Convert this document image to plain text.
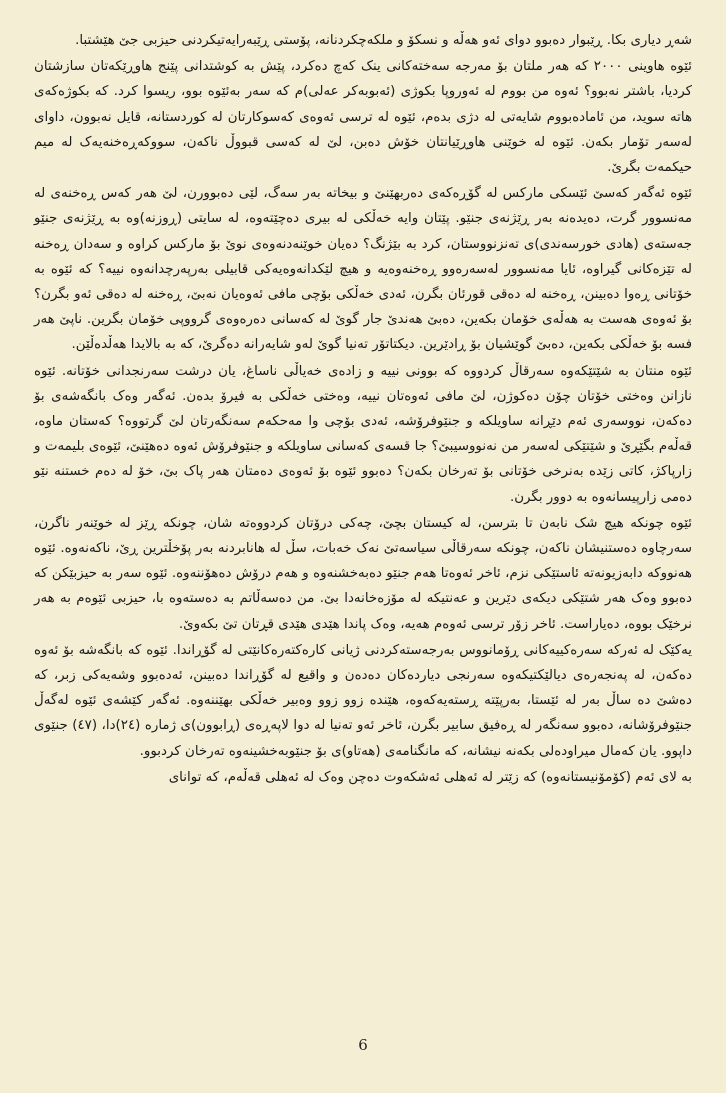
شەڕ دیاری بکا. ڕێبوار دەبوو دوای ئەو هەڵە و نسکۆ و ملکەچکردنانە، پۆستی ڕێبەرایەتیکردنی حیزبی جێ هێشتبا.

ئێوە هاوینی ٢٠٠٠ کە هەر ملتان بۆ مەرجە سەختەکانی ینک کەچ دەکرد، پێش بە کوشتدانی پێنج هاوڕێکەتان سازشتان کردیا، باشتر نەبوو؟ ئەوە من بووم لە ئەوروپا بکوژی (ئەبوبەکر عەلی)م کە سەر بەئێوە بوو، ریسوا کرد. کە بکوژەکەی هاتە سوید، من ئامادەبووم شایەتی لە دژی بدەم، ئێوە لە ترسی ئەوەی کەسوکارتان لە کوردستانە، قایل نەبوون، داوای لەسەر تۆمار بکەن. ئێوە لە خوێنی هاوڕێیانتان خۆش دەبن، لێ لە کەسی قبووڵ ناکەن، سووکەڕەخنەیەک لە میم حیکمەت بگرێ.

ئێوە ئەگەر کەسێ ئێسکی مارکس لە گۆڕەکەی دەربهێنێ و بیخاتە بەر سەگ، لێی دەبوورن، لێ هەر کەس ڕەخنەی لە مەنسوور گرت، دەیدەنە بەر ڕێژنەی جنێو. پێتان وایە خەڵکی لە بیری دەچێتەوە، لە سایتی (ڕوزنە)وە بە ڕێژنەی جنێو جەستەی (هادی خورسەندی)ی تەنزنووستان، کرد بە بێژنگ؟ دەیان خوێنەدنەوەی نوێ بۆ مارکس کراوە و سەدان ڕەخنە لە تێزەکانی گیراوە، ئایا مەنسوور لەسەرەوو ڕەخنەوەیە و هیچ لێکدانەوەیەکی قابیلی بەرپەرچدانەوە نییە؟ کە ئێوە بە خۆتانی ڕەوا دەبینن، ڕەخنە لە دەقی قورئان بگرن، ئەدی خەڵکی بۆچی مافی ئەوەیان نەبێ، ڕەخنە لە دەقی ئەو بگرن؟ بۆ ئەوەی هەست بە هەڵەی خۆمان بکەین، دەبێ هەندێ جار گوێ لە کەسانی دەرەوەی گرووپی خۆمان بگرین. ناپێ هەر فسە بۆ خەڵکی بکەین، دەبێ گوێشیان بۆ ڕادێرین. دیکتاتۆر تەنیا گوێ لەو شایەرانە دەگرێ، کە بە بالایدا هەڵدەڵێن.

ئێوە منتان بە شێتێکەوە سەرقاڵ کردووە کە بوونی نییە و زادەی خەیاڵی ناساغ، یان درشت سەرنجدانی خۆتانە. ئێوە نازانن وەختی خۆتان چۆن دەکوژن، لێ مافی ئەوەتان نییە، وەختی خەڵکی بە فیرۆ بدەن. ئەگەر وەک بانگەشەی بۆ دەکەن، نووسەری ئەم دێڕانە ساویلکە و جنێوفرۆشە، ئەدی بۆچی وا مەحکەم سەنگەرتان لێ گرتووە؟ کەستان ماوە، قەڵەم بگێڕێ و شێتێکی لەسەر من نەنووسیبێ؟ جا قسەی کەسانی ساویلکە و جنێوفرۆش ئەوە دەهێنێ، ئێوەی بلیمەت و زارپاکژ، کاتی زێدە بەنرخی خۆتانی بۆ تەرخان بکەن؟ دەبوو ئێوە بۆ ئەوەی دەمتان هەر پاک بێ، خۆ لە دەم خستنە نێو دەمی زارپیسانەوە بە دوور بگرن.

ئێوە چونکە هیچ شک نابەن تا بترسن، لە کیستان بچێ، چەکی درۆتان کردووەتە شان، چونکە ڕێز لە خوێنەر ناگرن، سەرچاوە دەستنیشان ناکەن، چونکە سەرقاڵی سیاسەتێ نەک خەبات، سڵ لە هانابردنە بەر پۆخڵترین ڕێ، ناکەنەوە. ئێوە هەنووکە دابەزیونەتە ئاستێکی نزم، ئاخر ئەوەتا هەم جنێو دەبەخشنەوە و هەم درۆش دەهۆننەوە. ئێوە سەر بە حیزبێکن کە دەبوو وەک هەر شتێکی دیکەی دێرین و عەنتیکە لە مۆزەخانەدا بێ. من دەسەڵاتم بە دەستەوە با، حیزبی ئێوەم بە هەر نرخێک بووە، دەیاراست. ئاخر زۆر ترسی ئەوەم هەیە، وەک پاندا هێدی هێدی قڕتان تێ بکەوێ.

یەکێک لە ئەرکە سەرەکییەکانی ڕۆمانووس بەرجەستەکردنی ژیانی کارەکتەرەکانێتی لە گۆڕاندا. ئێوە کە بانگەشە بۆ ئەوە دەکەن، لە پەنجەرەی دیالێکتیکەوە سەرنجی دیاردەکان دەدەن و واقیع لە گۆڕاندا دەبینن، ئەدەبوو وشەیەکی زبر، کە دەشێ دە ساڵ بەر لە ئێستا، بەرپێتە ڕستەیەکەوە، هێندە زوو زوو وەبیر خەڵکی بهێننەوە. ئەگەر کێشەی ئێوە لەگەڵ جنێوفرۆشانە، دەبوو سەنگەر لە ڕەفیق سابیر بگرن، ئاخر ئەو تەنیا لە دوا لاپەڕەی (ڕابوون)ی ژمارە (٢٤)دا، (٤٧) جنێوی داپوو. یان کەمال میراودەلی بکەنە نیشانە، کە مانگنامەی (هەتاو)ی بۆ جنێوبەخشینەوە تەرخان کردبوو.

بە لای ئەم (کۆمۆنیستانەوە) کە زێتر لە ئەهلی ئەشکەوت دەچن وەک لە ئەهلی قەڵەم، کە توانای

6
